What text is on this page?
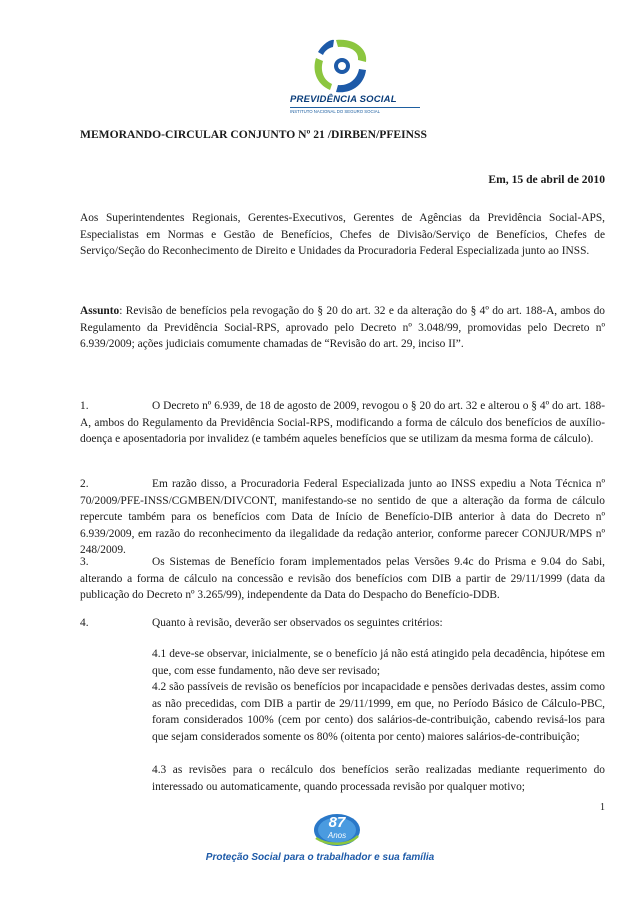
PREVIDÊNCIA SOCIAL
INSTITUTO NACIONAL DO SEGURO SOCIAL
MEMORANDO-CIRCULAR CONJUNTO Nº 21 /DIRBEN/PFEINSS
Em, 15 de abril de 2010
Aos Superintendentes Regionais, Gerentes-Executivos, Gerentes de Agências da Previdência Social-APS, Especialistas em Normas e Gestão de Benefícios, Chefes de Divisão/Serviço de Benefícios, Chefes de Serviço/Seção do Reconhecimento de Direito e Unidades da Procuradoria Federal Especializada junto ao INSS.
Assunto: Revisão de benefícios pela revogação do § 20 do art. 32 e da alteração do § 4º do art. 188-A, ambos do Regulamento da Previdência Social-RPS, aprovado pelo Decreto nº 3.048/99, promovidas pelo Decreto nº 6.939/2009; ações judiciais comumente chamadas de “Revisão do art. 29, inciso II”.
1.	O Decreto nº 6.939, de 18 de agosto de 2009, revogou o § 20 do art. 32 e alterou o § 4º do art. 188-A, ambos do Regulamento da Previdência Social-RPS, modificando a forma de cálculo dos benefícios de auxílio-doença e aposentadoria por invalidez (e também aqueles benefícios que se utilizam da mesma forma de cálculo).
2.	Em razão disso, a Procuradoria Federal Especializada junto ao INSS expediu a Nota Técnica nº 70/2009/PFE-INSS/CGMBEN/DIVCONT, manifestando-se no sentido de que a alteração da forma de cálculo repercute também para os benefícios com Data de Início de Benefício-DIB anterior à data do Decreto nº 6.939/2009, em razão do reconhecimento da ilegalidade da redação anterior, conforme parecer CONJUR/MPS nº 248/2009.
3.	Os Sistemas de Benefício foram implementados pelas Versões 9.4c do Prisma e 9.04 do Sabi, alterando a forma de cálculo na concessão e revisão dos benefícios com DIB a partir de 29/11/1999 (data da publicação do Decreto nº 3.265/99), independente da Data do Despacho do Benefício-DDB.
4.	Quanto à revisão, deverão ser observados os seguintes critérios:
4.1 deve-se observar, inicialmente, se o benefício já não está atingido pela decadência, hipótese em que, com esse fundamento, não deve ser revisado;
4.2 são passíveis de revisão os benefícios por incapacidade e pensões derivadas destes, assim como as não precedidas, com DIB a partir de 29/11/1999, em que, no Período Básico de Cálculo-PBC, foram considerados 100% (cem por cento) dos salários-de-contribuição, cabendo revisá-los para que sejam considerados somente os 80% (oitenta por cento) maiores salários-de-contribuição;
4.3 as revisões para o recálculo dos benefícios serão realizadas mediante requerimento do interessado ou automaticamente, quando processada revisão por qualquer motivo;
1
87
Anos
Proteção Social para o trabalhador e sua família
